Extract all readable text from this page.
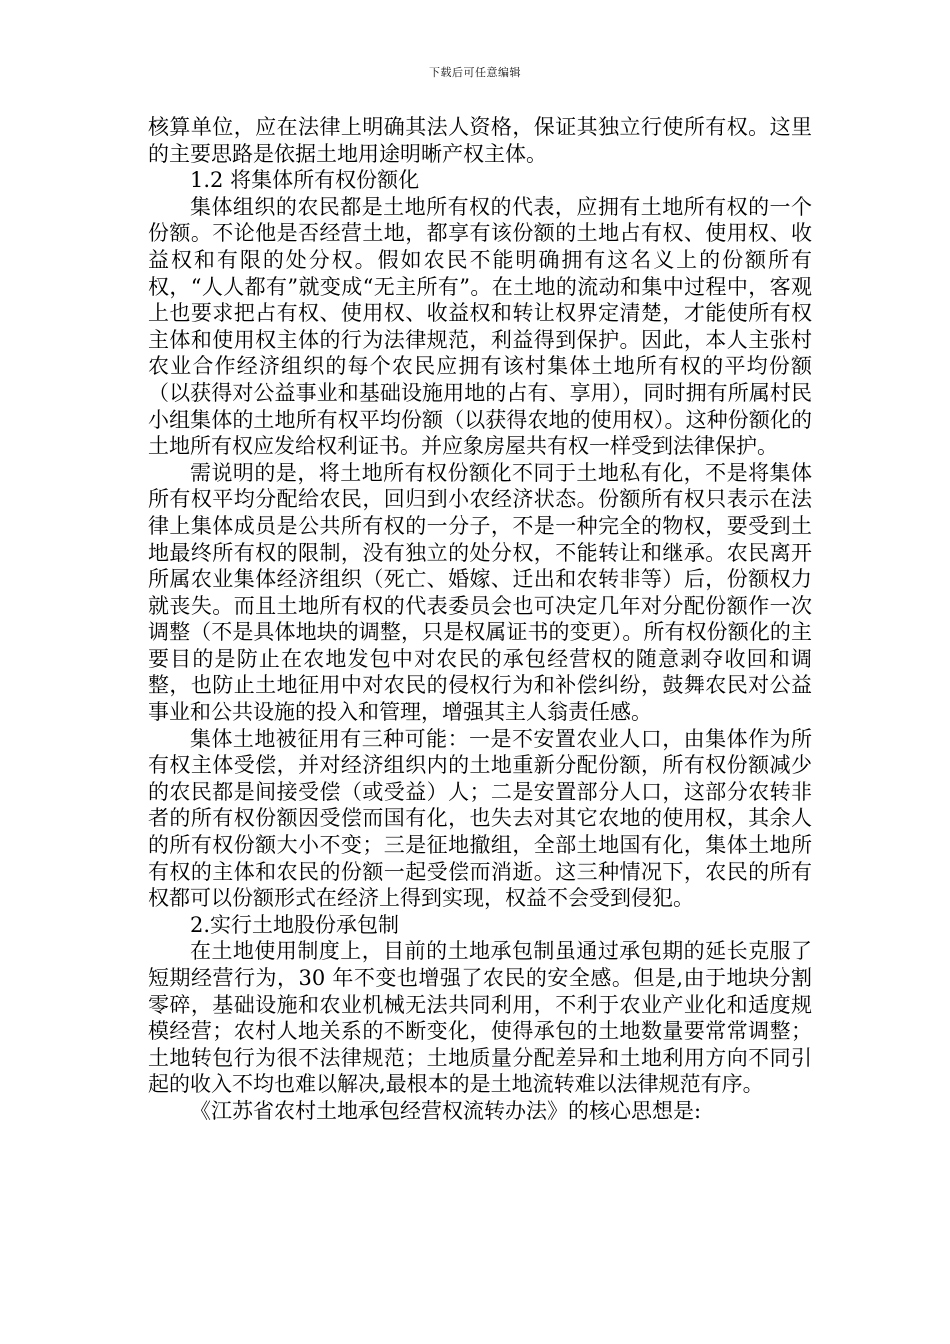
下载后可任意编辑

核算单位，应在法律上明确其法人资格，保证其独立行使所有权。这里的主要思路是依据土地用途明晰产权主体。

1.2 将集体所有权份额化

集体组织的农民都是土地所有权的代表，应拥有土地所有权的一个份额。不论他是否经营土地，都享有该份额的土地占有权、使用权、收益权和有限的处分权。假如农民不能明确拥有这名义上的份额所有权，“人人都有”就变成“无主所有”。在土地的流动和集中过程中，客观上也要求把占有权、使用权、收益权和转让权界定清楚，才能使所有权主体和使用权主体的行为法律规范，利益得到保护。因此，本人主张村农业合作经济组织的每个农民应拥有该村集体土地所有权的平均份额（以获得对公益事业和基础设施用地的占有、享用），同时拥有所属村民小组集体的土地所有权平均份额（以获得农地的使用权）。这种份额化的土地所有权应发给权利证书。并应象房屋共有权一样受到法律保护。

需说明的是，将土地所有权份额化不同于土地私有化，不是将集体所有权平均分配给农民，回归到小农经济状态。份额所有权只表示在法律上集体成员是公共所有权的一分子，不是一种完全的物权，要受到土地最终所有权的限制，没有独立的处分权，不能转让和继承。农民离开所属农业集体经济组织（死亡、婚嫁、迁出和农转非等）后，份额权力就丧失。而且土地所有权的代表委员会也可决定几年对分配份额作一次调整（不是具体地块的调整，只是权属证书的变更）。所有权份额化的主要目的是防止在农地发包中对农民的承包经营权的随意剥夺收回和调整，也防止土地征用中对农民的侵权行为和补偿纠纷，鼓舞农民对公益事业和公共设施的投入和管理，增强其主人翁责任感。

集体土地被征用有三种可能：一是不安置农业人口，由集体作为所有权主体受偿，并对经济组织内的土地重新分配份额，所有权份额减少的农民都是间接受偿（或受益）人；二是安置部分人口，这部分农转非者的所有权份额因受偿而国有化，也失去对其它农地的使用权，其余人的所有权份额大小不变；三是征地撤组，全部土地国有化，集体土地所有权的主体和农民的份额一起受偿而消逝。这三种情况下，农民的所有权都可以份额形式在经济上得到实现，权益不会受到侵犯。

2.实行土地股份承包制

在土地使用制度上，目前的土地承包制虽通过承包期的延长克服了短期经营行为，30 年不变也增强了农民的安全感。但是,由于地块分割零碎，基础设施和农业机械无法共同利用，不利于农业产业化和适度规模经营；农村人地关系的不断变化，使得承包的土地数量要常常调整；土地转包行为很不法律规范；土地质量分配差异和土地利用方向不同引起的收入不均也难以解决,最根本的是土地流转难以法律规范有序。

《江苏省农村土地承包经营权流转办法》的核心思想是:
